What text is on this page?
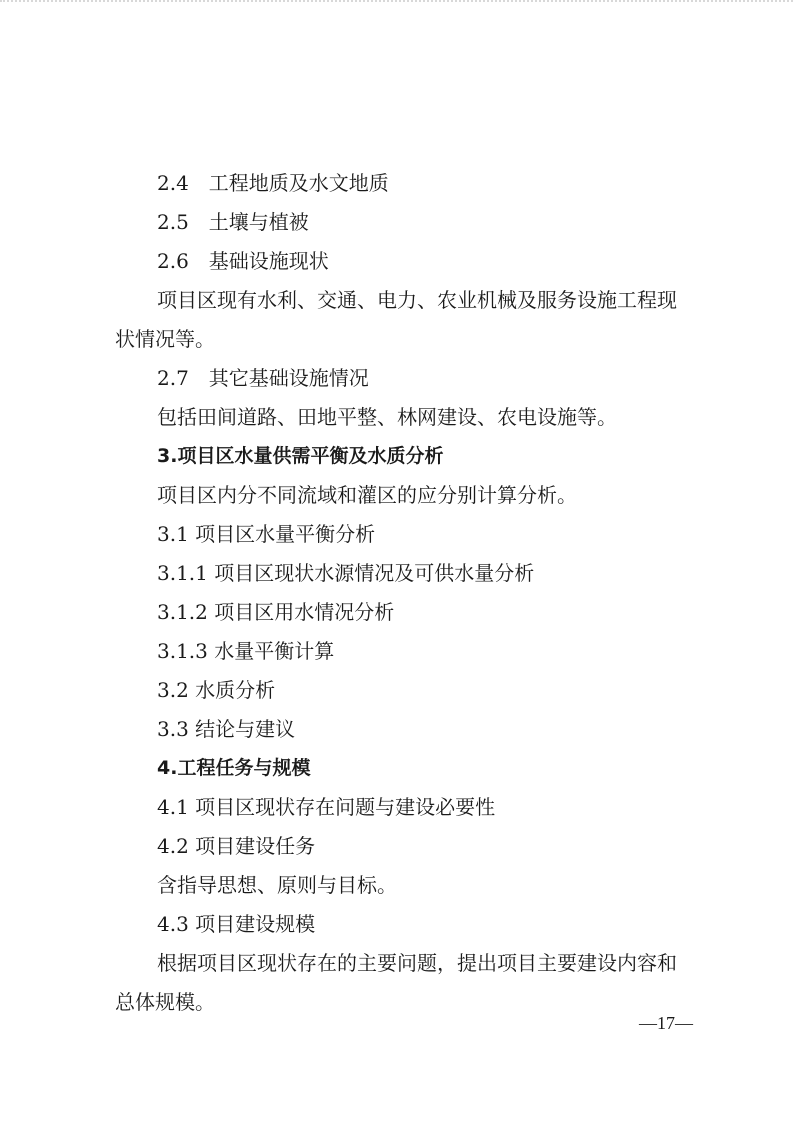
2.4　工程地质及水文地质
2.5　土壤与植被
2.6　基础设施现状
项目区现有水利、交通、电力、农业机械及服务设施工程现
状情况等。
2.7　其它基础设施情况
包括田间道路、田地平整、林网建设、农电设施等。
3.项目区水量供需平衡及水质分析
项目区内分不同流域和灌区的应分别计算分析。
3.1 项目区水量平衡分析
3.1.1 项目区现状水源情况及可供水量分析
3.1.2 项目区用水情况分析
3.1.3 水量平衡计算
3.2 水质分析
3.3 结论与建议
4.工程任务与规模
4.1 项目区现状存在问题与建设必要性
4.2 项目建设任务
含指导思想、原则与目标。
4.3 项目建设规模
根据项目区现状存在的主要问题，提出项目主要建设内容和
总体规模。
—17—
